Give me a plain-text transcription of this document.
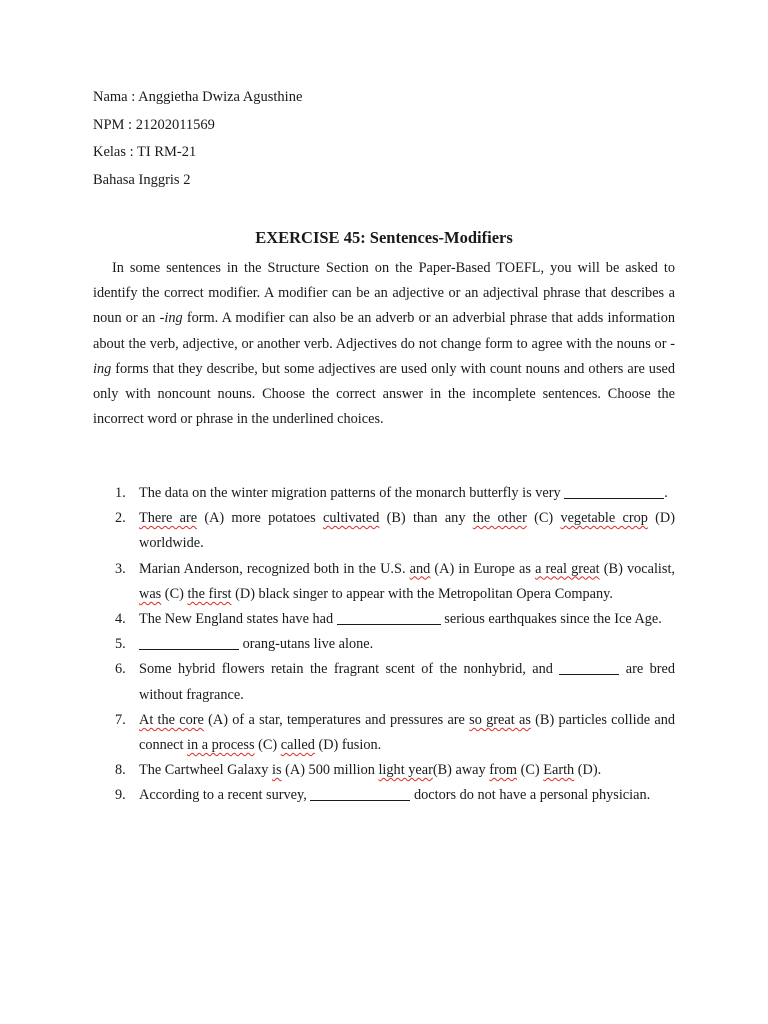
Nama : Anggietha Dwiza Agusthine
NPM : 21202011569
Kelas : TI RM-21
Bahasa Inggris 2
EXERCISE 45: Sentences-Modifiers

In some sentences in the Structure Section on the Paper-Based TOEFL, you will be asked to identify the correct modifier. A modifier can be an adjective or an adjectival phrase that describes a noun or an -ing form. A modifier can also be an adverb or an adverbial phrase that adds information about the verb, adjective, or another verb. Adjectives do not change form to agree with the nouns or -ing forms that they describe, but some adjectives are used only with count nouns and others are used only with noncount nouns. Choose the correct answer in the incomplete sentences. Choose the incorrect word or phrase in the underlined choices.

1. The data on the winter migration patterns of the monarch butterfly is very	.
2. There are (A) more potatoes cultivated (B) than any the other (C) vegetable crop (D) worldwide.
3. Marian Anderson, recognized both in the U.S. and (A) in Europe as a real great (B) vocalist, was (C) the first (D) black singer to appear with the Metropolitan Opera Company.
4. The New England states have had	serious earthquakes since the Ice Age.
5.	orang-utans live alone.
6. Some hybrid flowers retain the fragrant scent of the nonhybrid, and	are bred without fragrance.
7. At the core (A) of a star, temperatures and pressures are so great as (B) particles collide and connect in a process (C) called (D) fusion.
8. The Cartwheel Galaxy is (A) 500 million light year(B) away from (C) Earth (D).
9. According to a recent survey,	doctors do not have a personal physician.
